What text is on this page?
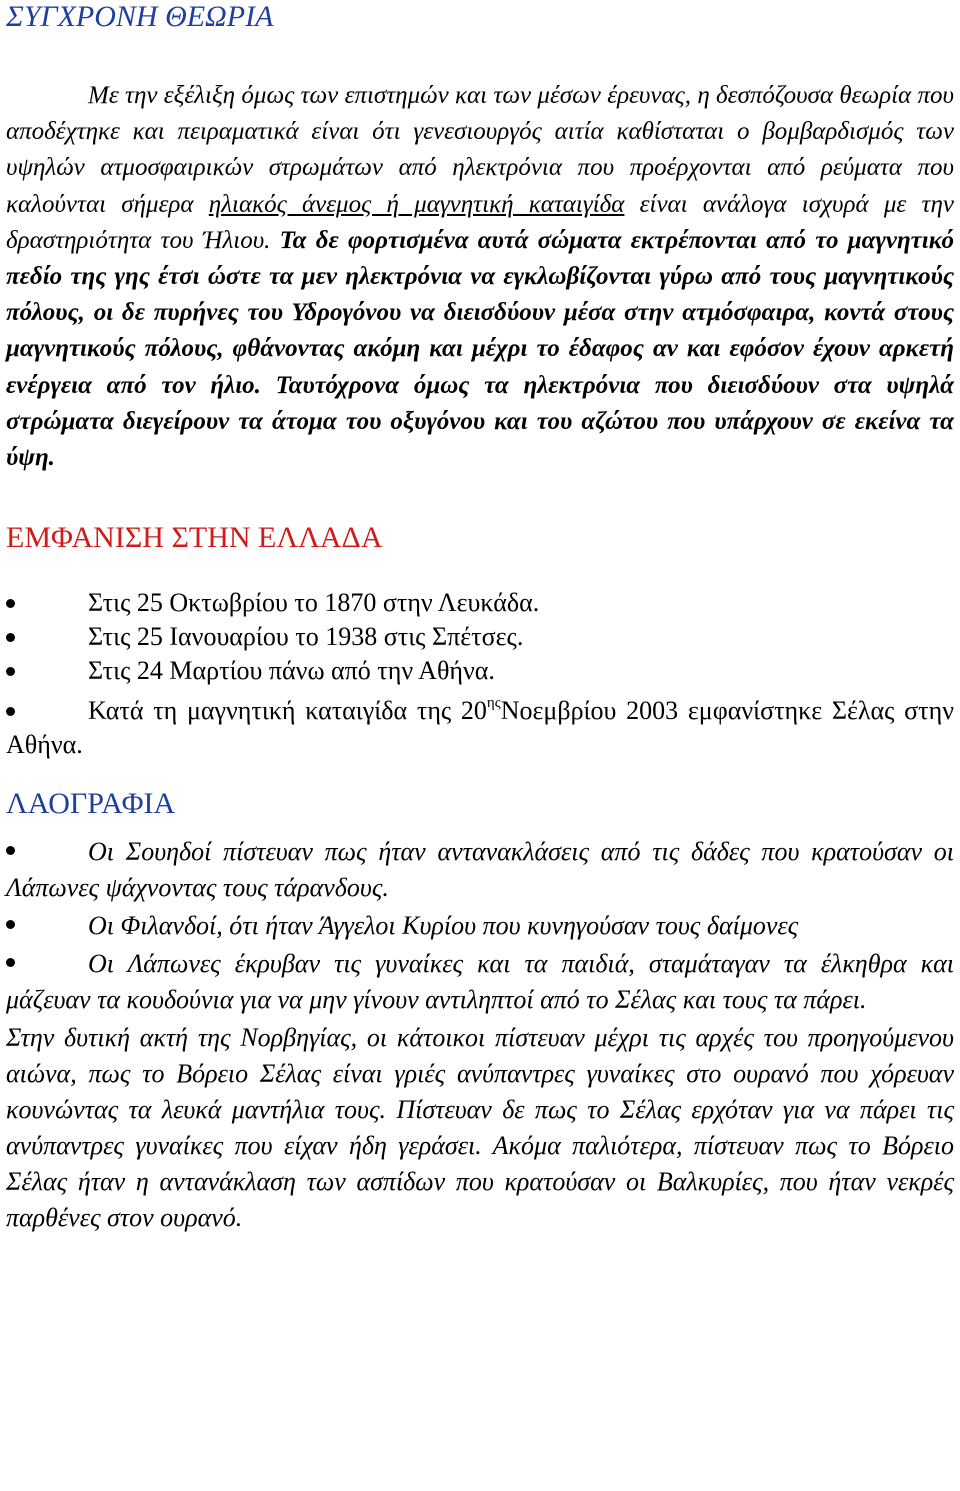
ΣΥΓΧΡΟΝΗ ΘΕΩΡΙΑ

Με την εξέλιξη όμως των επιστημών και των μέσων έρευνας, η δεσπόζουσα θεωρία που αποδέχτηκε και πειραματικά είναι ότι γενεσιουργός αιτία καθίσταται ο βομβαρδισμός των υψηλών ατμοσφαιρικών στρωμάτων από ηλεκτρόνια που προέρχονται από ρεύματα που καλούνται σήμερα ηλιακός άνεμος ή μαγνητική καταιγίδα είναι ανάλογα ισχυρά με την δραστηριότητα του Ήλιου. Τα δε φορτισμένα αυτά σώματα εκτρέπονται από το μαγνητικό πεδίο της γης έτσι ώστε τα μεν ηλεκτρόνια να εγκλωβίζονται γύρω από τους μαγνητικούς πόλους, οι δε πυρήνες του Υδρογόνου να διεισδύουν μέσα στην ατμόσφαιρα, κοντά στους μαγνητικούς πόλους, φθάνοντας ακόμη και μέχρι το έδαφος αν και εφόσον έχουν αρκετή ενέργεια από τον ήλιο. Ταυτόχρονα όμως τα ηλεκτρόνια που διεισδύουν στα υψηλά στρώματα διεγείρουν τα άτομα του οξυγόνου και του αζώτου που υπάρχουν σε εκείνα τα ύψη.

ΕΜΦΑΝΙΣΗ ΣΤΗΝ ΕΛΛΑΔΑ
Στις 25 Οκτωβρίου το 1870 στην Λευκάδα.
Στις 25 Ιανουαρίου το 1938 στις Σπέτσες.
Στις 24 Μαρτίου πάνω από την Αθήνα.
Κατά τη μαγνητική καταιγίδα της $20^{\eta\varsigma}No\varepsilon\mu\beta\rho ίo\upsilon$ 2003 εμφανίστηκε Σέλας στην Αθήνα.
ΛΑΟΓΡΑΦΙΑ
Οι Σουηδοί πίστευαν πως ήταν αντανακλάσεις από τις δάδες που κρατούσαν οι Λάπωνες ψάχνοντας τους τάρανδους.
Οι Φιλανδοί, ότι ήταν Άγγελοι Κυρίου που κυνηγούσαν τους δαίμονες
Οι Λάπωνες έκρυβαν τις γυναίκες και τα παιδιά, σταμάταγαν τα έλκηθρα και μάζευαν τα κουδούνια για να μην γίνουν αντιληπτοί από το Σέλας και τους τα πάρει.

Στην δυτική ακτή της Νορβηγίας, οι κάτοικοι πίστευαν μέχρι τις αρχές του προηγούμενου αιώνα, πως το Βόρειο Σέλας είναι γριές ανύπαντρες γυναίκες στο ουρανό που χόρευαν κουνώντας τα λευκά μαντήλια τους. Πίστευαν δε πως το Σέλας ερχόταν για να πάρει τις ανύπαντρες γυναίκες που είχαν ήδη γεράσει. Ακόμα παλιότερα, πίστευαν πως το Βόρειο Σέλας ήταν η αντανάκλαση των ασπίδων που κρατούσαν οι Βαλκυρίες, που ήταν νεκρές παρθένες στον ουρανό.
